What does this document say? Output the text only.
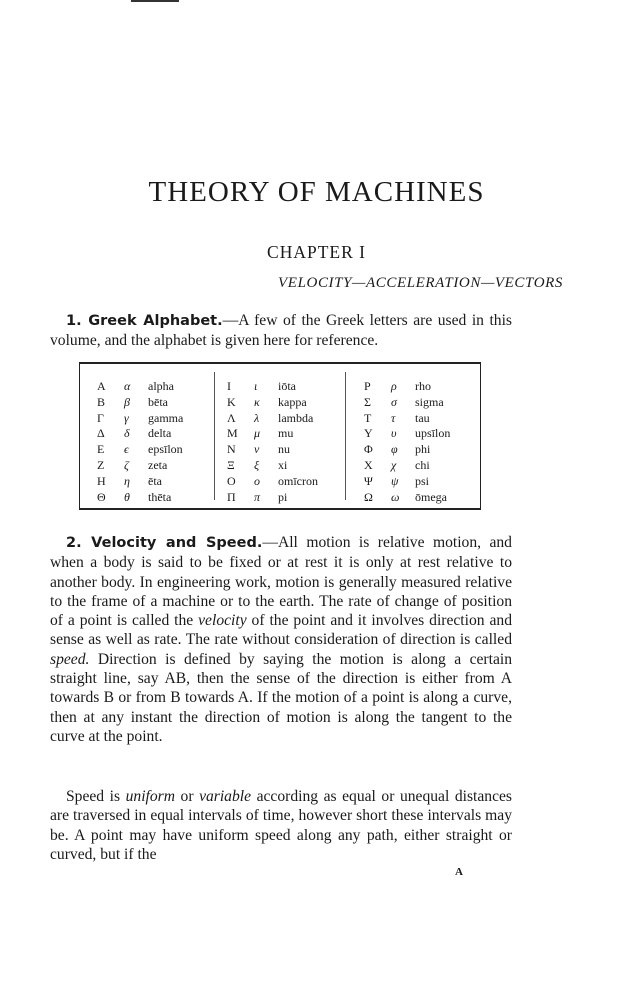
THEORY OF MACHINES
CHAPTER I
VELOCITY—ACCELERATION—VECTORS

1. Greek Alphabet.—A few of the Greek letters are used in this volume, and the alphabet is given here for reference.

Α α alpha
Β β bēta
Γ γ gamma
Δ δ delta
Ε ϵ epsīlon
Ζ ζ zeta
Η η ēta
Θ θ thēta
Ι ι iōta
Κ κ kappa
Λ λ lambda
Μ μ mu
Ν ν nu
Ξ ξ xi
Ο ο omīcron
Π π pi
Ρ ρ rho
Σ σ sigma
Τ τ tau
Υ υ upsīlon
Φ φ phi
Χ χ chi
Ψ ψ psi
Ω ω ōmega

2. Velocity and Speed.—All motion is relative motion, and when a body is said to be fixed or at rest it is only at rest relative to another body. In engineering work, motion is generally measured relative to the frame of a machine or to the earth. The rate of change of position of a point is called the velocity of the point and it involves direction and sense as well as rate. The rate without consideration of direction is called speed. Direction is defined by saying the motion is along a certain straight line, say AB, then the sense of the direction is either from A towards B or from B towards A. If the motion of a point is along a curve, then at any instant the direction of motion is along the tangent to the curve at the point.

Speed is uniform or variable according as equal or unequal distances are traversed in equal intervals of time, however short these intervals may be. A point may have uniform speed along any path, either straight or curved, but if the

A
